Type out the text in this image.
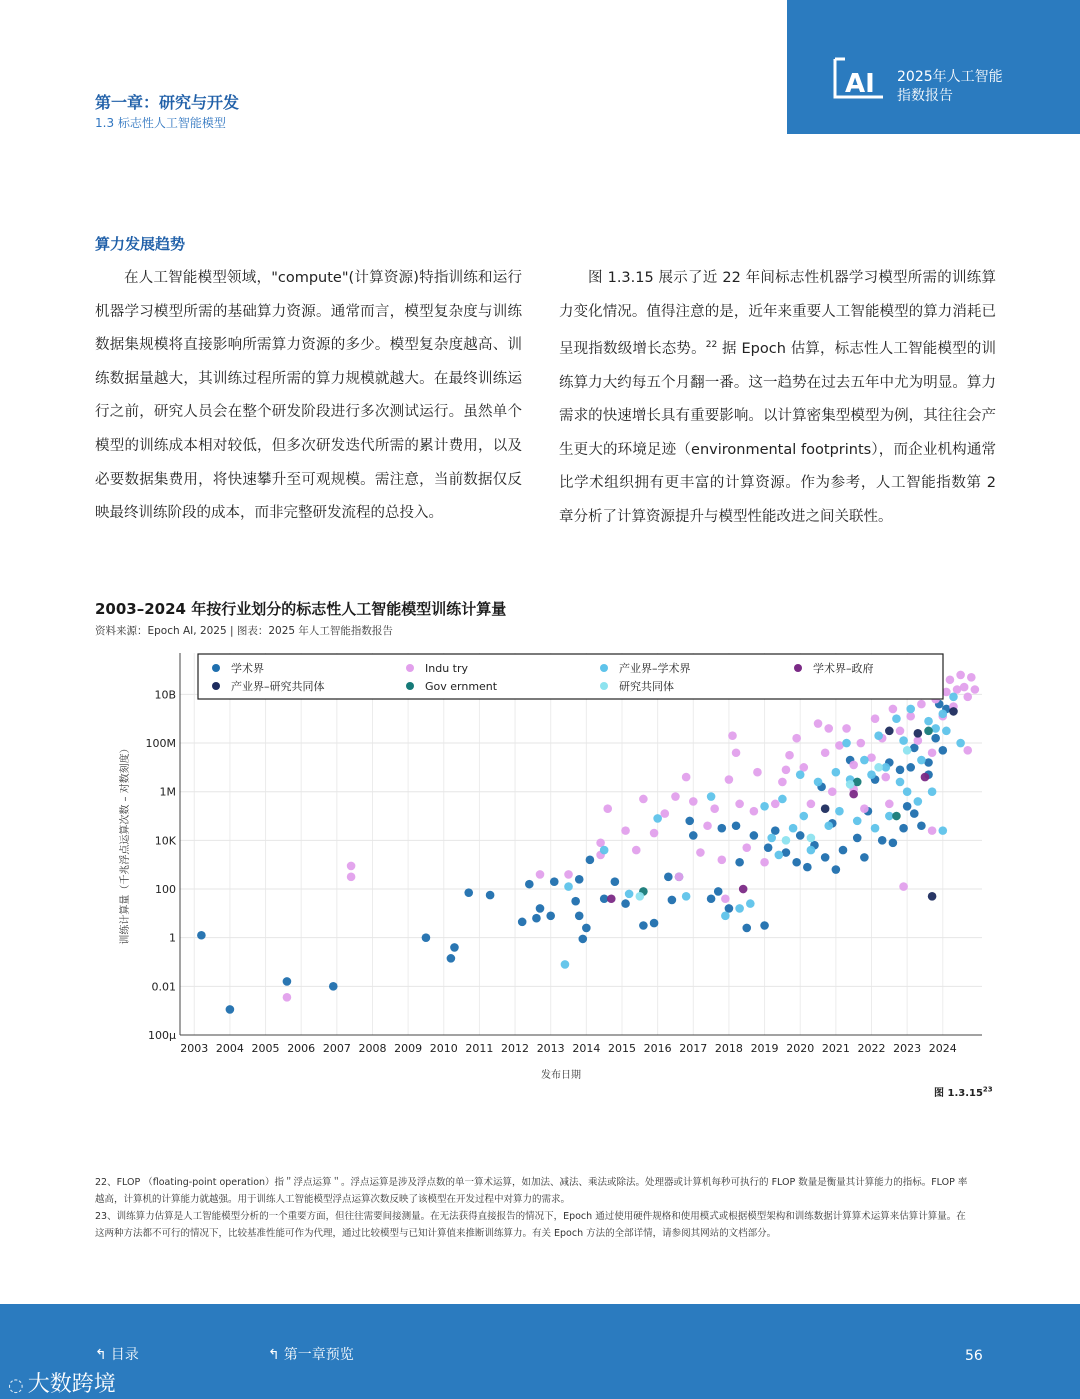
AI 2025年人工智能
指数报告
第一章：研究与开发
1.3 标志性人工智能模型
算力发展趋势

在人工智能模型领域，"compute"(计算资源)特指训练和运行机器学习模型所需的基础算力资源。通常而言，模型复杂度与训练数据集规模将直接影响所需算力资源的多少。模型复杂度越高、训练数据量越大，其训练过程所需的算力规模就越大。在最终训练运行之前，研究人员会在整个研发阶段进行多次测试运行。虽然单个模型的训练成本相对较低，但多次研发迭代所需的累计费用，以及必要数据集费用，将快速攀升至可观规模。需注意，当前数据仅反映最终训练阶段的成本，而非完整研发流程的总投入。

图 1.3.15 展示了近 22 年间标志性机器学习模型所需的训练算力变化情况。值得注意的是，近年来重要人工智能模型的算力消耗已呈现指数级增长态势。$^{22}$ 据 Epoch 估算，标志性人工智能模型的训练算力大约每五个月翻一番。这一趋势在过去五年中尤为明显。算力需求的快速增长具有重要影响。以计算密集型模型为例，其往往会产生更大的环境足迹（environmental footprints），而企业机构通常比学术组织拥有更丰富的计算资源。作为参考，人工智能指数第 2 章分析了计算资源提升与模型性能改进之间关联性。

2003–2024 年按行业划分的标志性人工智能模型训练计算量
资料来源：Epoch AI, 2025 | 图表：2025 年人工智能指数报告
100μ
0.01
1
100
10K
1M
100M
10B
2003 2004 2005 2006 2007 2008 2009 2010 2011 2012 2013 2014 2015 2016 2017 2018 2019 2020 2021 2022 2023 2024
发布日期
训练计算量（千兆浮点运算次数 – 对数刻度）
学术界	Indu try	产业界–学术界	学术界–政府
产业界–研究共同体	Gov ernment	研究共同体
图 1.3.15$^{23}$

22、FLOP （floating-point operation）指＂浮点运算＂。浮点运算是涉及浮点数的单一算术运算，如加法、减法、乘法或除法。处理器或计算机每秒可执行的 FLOP 数量是衡量其计算能力的指标。FLOP 率越高，计算机的计算能力就越强。用于训练人工智能模型浮点运算次数反映了该模型在开发过程中对算力的需求。

23、训练算力估算是人工智能模型分析的一个重要方面，但往往需要间接测量。在无法获得直接报告的情况下，Epoch 通过使用硬件规格和使用模式或根据模型架构和训练数据计算算术运算来估算计算量。在这两种方法都不可行的情况下，比较基准性能可作为代理，通过比较模型与已知计算值来推断训练算力。有关 Epoch 方法的全部详情，请参阅其网站的文档部分。

↰ 目录	↰ 第一章预览	56
◌ 大数跨境
